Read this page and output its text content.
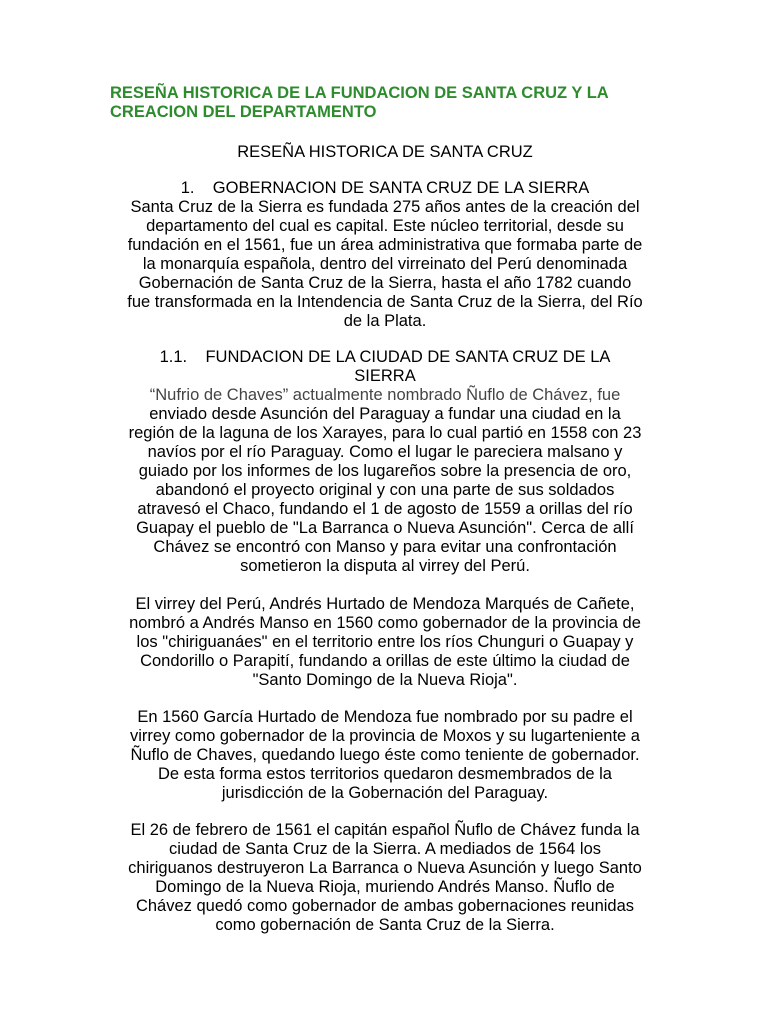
RESEÑA HISTORICA DE LA FUNDACION DE SANTA CRUZ Y LA
CREACION DEL DEPARTAMENTO

RESEÑA HISTORICA DE SANTA CRUZ

1.    GOBERNACION DE SANTA CRUZ DE LA SIERRA
Santa Cruz de la Sierra es fundada 275 años antes de la creación del
departamento del cual es capital. Este núcleo territorial, desde su
fundación en el 1561, fue un área administrativa que formaba parte de
la monarquía española, dentro del virreinato del Perú denominada
Gobernación de Santa Cruz de la Sierra, hasta el año 1782 cuando
fue transformada en la Intendencia de Santa Cruz de la Sierra, del Río
de la Plata.
1.1.    FUNDACION DE LA CIUDAD DE SANTA CRUZ DE LA
SIERRA
“Nufrio de Chaves” actualmente nombrado Ñuflo de Chávez, fue
enviado desde Asunción del Paraguay a fundar una ciudad en la
región de la laguna de los Xarayes, para lo cual partió en 1558 con 23
navíos por el río Paraguay. Como el lugar le pareciera malsano y
guiado por los informes de los lugareños sobre la presencia de oro,
abandonó el proyecto original y con una parte de sus soldados
atravesó el Chaco, fundando el 1 de agosto de 1559 a orillas del río
Guapay el pueblo de "La Barranca o Nueva Asunción". Cerca de allí
Chávez se encontró con Manso y para evitar una confrontación
sometieron la disputa al virrey del Perú.
El virrey del Perú, Andrés Hurtado de Mendoza Marqués de Cañete,
nombró a Andrés Manso en 1560 como gobernador de la provincia de
los "chiriguanáes" en el territorio entre los ríos Chunguri o Guapay y
Condorillo o Parapití, fundando a orillas de este último la ciudad de
"Santo Domingo de la Nueva Rioja".
En 1560 García Hurtado de Mendoza fue nombrado por su padre el
virrey como gobernador de la provincia de Moxos y su lugarteniente a
Ñuflo de Chaves, quedando luego éste como teniente de gobernador.
De esta forma estos territorios quedaron desmembrados de la
jurisdicción de la Gobernación del Paraguay.
El 26 de febrero de 1561 el capitán español Ñuflo de Chávez funda la
ciudad de Santa Cruz de la Sierra. A mediados de 1564 los
chiriguanos destruyeron La Barranca o Nueva Asunción y luego Santo
Domingo de la Nueva Rioja, muriendo Andrés Manso. Ñuflo de
Chávez quedó como gobernador de ambas gobernaciones reunidas
como gobernación de Santa Cruz de la Sierra.
